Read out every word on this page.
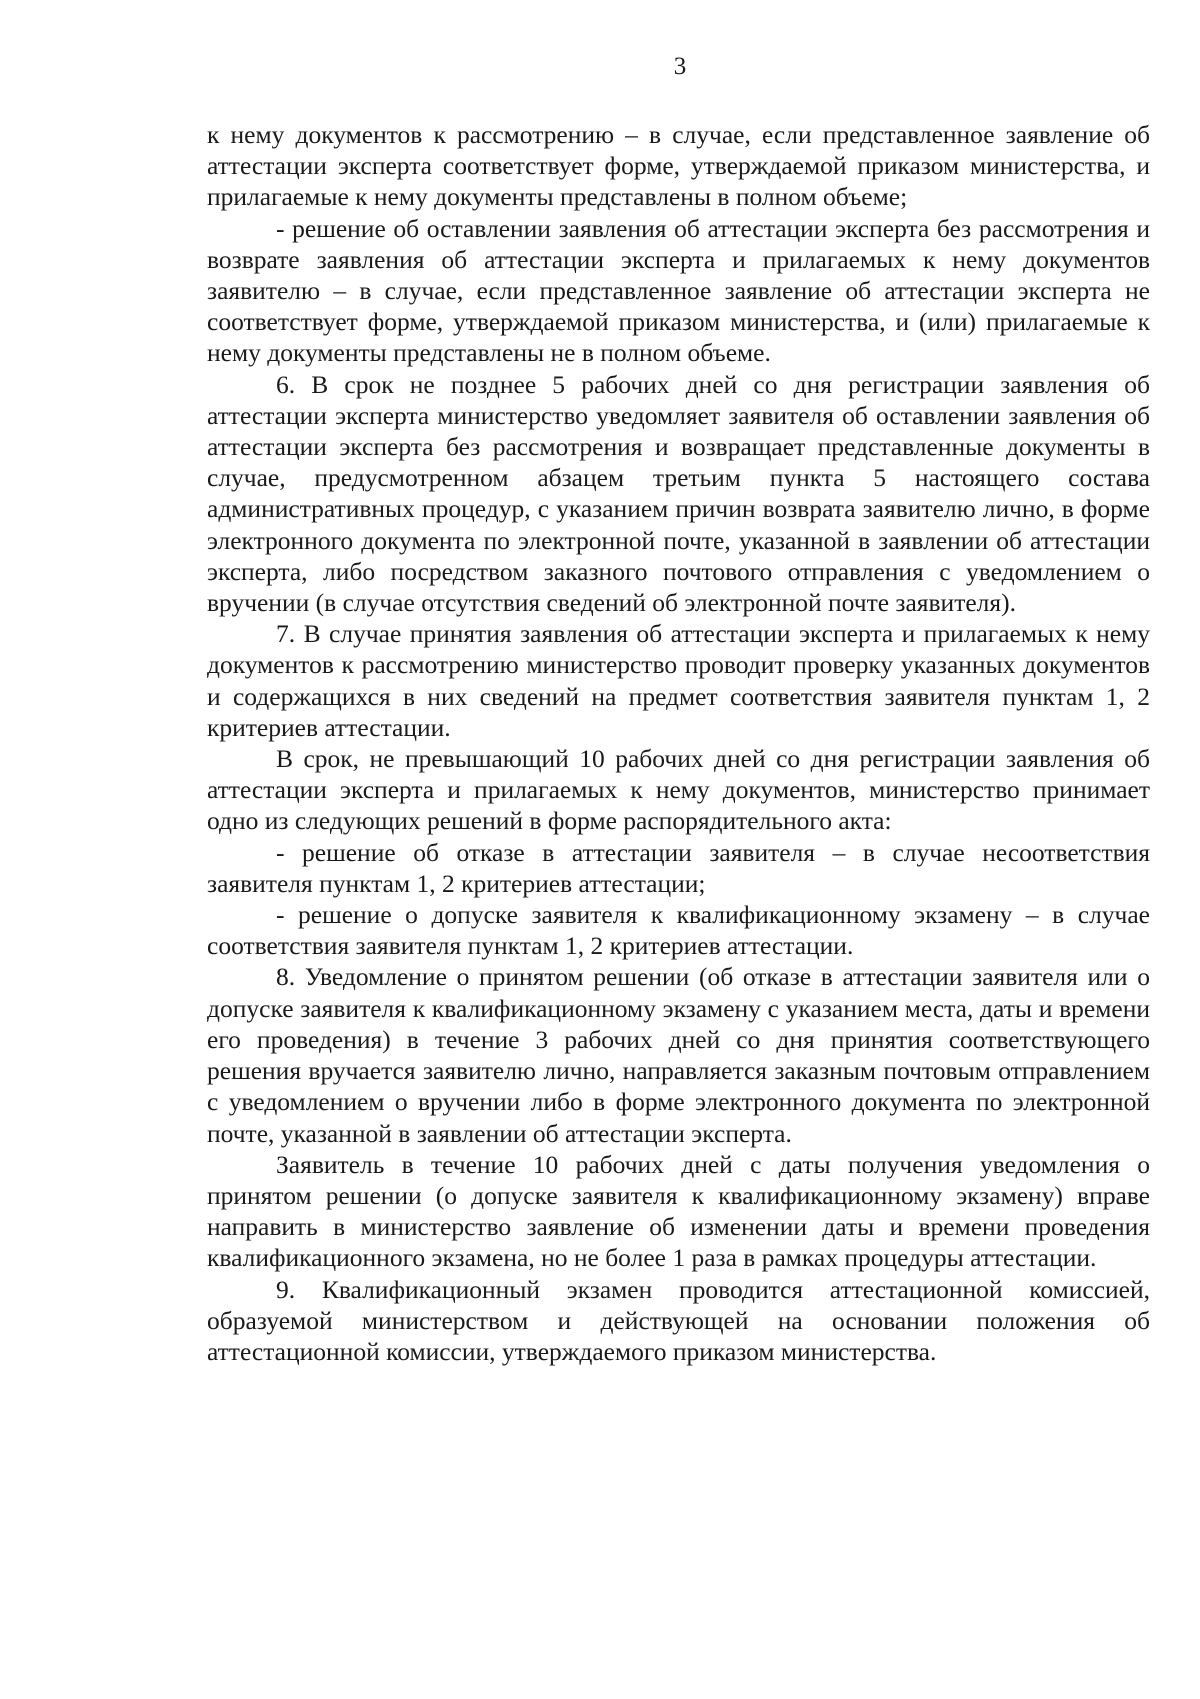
3

к нему документов к рассмотрению – в случае, если представленное заявление об аттестации эксперта соответствует форме, утверждаемой приказом министерства, и прилагаемые к нему документы представлены в полном объеме;

- решение об оставлении заявления об аттестации эксперта без рассмотрения и возврате заявления об аттестации эксперта и прилагаемых к нему документов заявителю – в случае, если представленное заявление об аттестации эксперта не соответствует форме, утверждаемой приказом министерства, и (или) прилагаемые к нему документы представлены не в полном объеме.

6. В срок не позднее 5 рабочих дней со дня регистрации заявления об аттестации эксперта министерство уведомляет заявителя об оставлении заявления об аттестации эксперта без рассмотрения и возвращает представленные документы в случае, предусмотренном абзацем третьим пункта 5 настоящего состава административных процедур, с указанием причин возврата заявителю лично, в форме электронного документа по электронной почте, указанной в заявлении об аттестации эксперта, либо посредством заказного почтового отправления с уведомлением о вручении (в случае отсутствия сведений об электронной почте заявителя).

7. В случае принятия заявления об аттестации эксперта и прилагаемых к нему документов к рассмотрению министерство проводит проверку указанных документов и содержащихся в них сведений на предмет соответствия заявителя пунктам 1, 2 критериев аттестации.

В срок, не превышающий 10 рабочих дней со дня регистрации заявления об аттестации эксперта и прилагаемых к нему документов, министерство принимает одно из следующих решений в форме распорядительного акта:

- решение об отказе в аттестации заявителя – в случае несоответствия заявителя пунктам 1, 2 критериев аттестации;

- решение о допуске заявителя к квалификационному экзамену – в случае соответствия заявителя пунктам 1, 2 критериев аттестации.

8. Уведомление о принятом решении (об отказе в аттестации заявителя или о допуске заявителя к квалификационному экзамену с указанием места, даты и времени его проведения) в течение 3 рабочих дней со дня принятия соответствующего решения вручается заявителю лично, направляется заказным почтовым отправлением с уведомлением о вручении либо в форме электронного документа по электронной почте, указанной в заявлении об аттестации эксперта.

Заявитель в течение 10 рабочих дней с даты получения уведомления о принятом решении (о допуске заявителя к квалификационному экзамену) вправе направить в министерство заявление об изменении даты и времени проведения квалификационного экзамена, но не более 1 раза в рамках процедуры аттестации.

9. Квалификационный экзамен проводится аттестационной комиссией, образуемой министерством и действующей на основании положения об аттестационной комиссии, утверждаемого приказом министерства.
